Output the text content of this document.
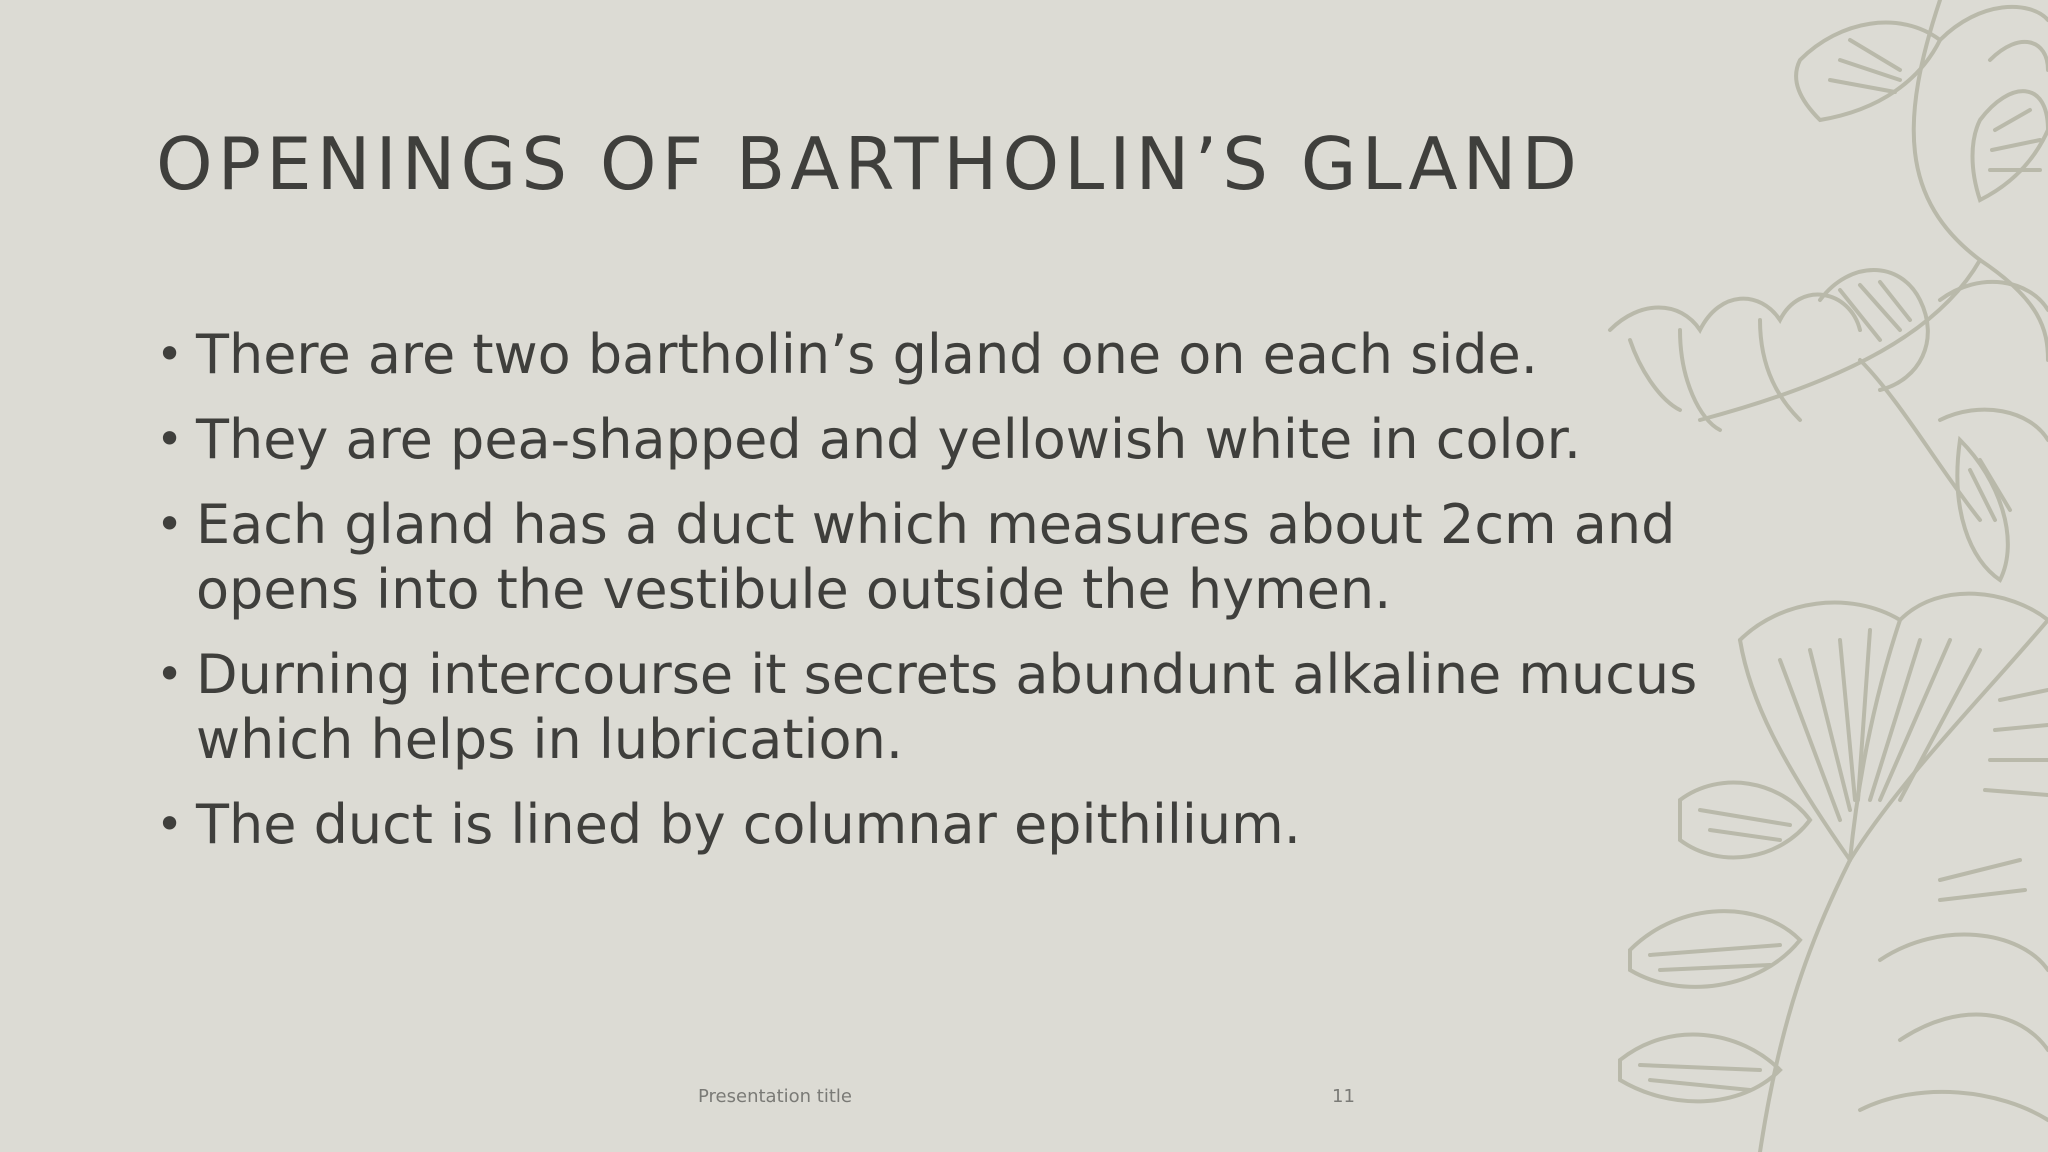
OPENINGS OF BARTHOLIN’S GLAND
• There are two bartholin’s gland one on each side.
• They are pea-shapped and yellowish white in color.
• Each gland has a duct which measures about 2cm and opens into the vestibule outside the hymen.
• Durning intercourse it secrets abundunt alkaline mucus which helps in lubrication.
• The duct is lined by columnar epithilium.
Presentation title	11
